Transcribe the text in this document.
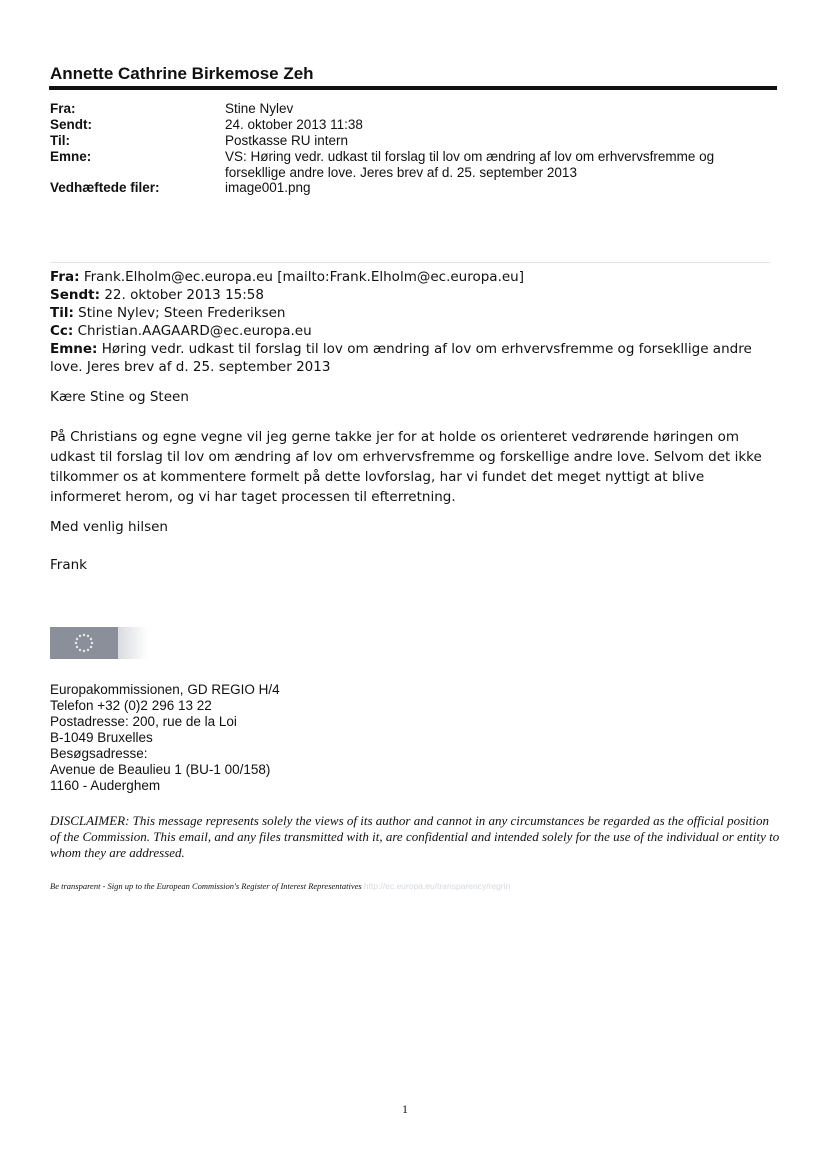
Annette Cathrine Birkemose Zeh
Fra:	Stine Nylev
Sendt:	24. oktober 2013 11:38
Til:	Postkasse RU intern
Emne:	VS: Høring vedr. udkast til forslag til lov om ændring af lov om erhvervsfremme og forsekllige andre love. Jeres brev af d. 25. september 2013
Vedhæftede filer:	image001.png
Fra: Frank.Elholm@ec.europa.eu [mailto:Frank.Elholm@ec.europa.eu]
Sendt: 22. oktober 2013 15:58
Til: Stine Nylev; Steen Frederiksen
Cc: Christian.AAGAARD@ec.europa.eu
Emne: Høring vedr. udkast til forslag til lov om ændring af lov om erhvervsfremme og forsekllige andre love. Jeres brev af d. 25. september 2013
Kære Stine og Steen
På Christians og egne vegne vil jeg gerne takke jer for at holde os orienteret vedrørende høringen om udkast til forslag til lov om ændring af lov om erhvervsfremme og forskellige andre love. Selvom det ikke tilkommer os at kommentere formelt på dette lovforslag, har vi fundet det meget nyttigt at blive informeret herom, og vi har taget processen til efterretning.
Med venlig hilsen
Frank
Europakommissionen, GD REGIO H/4
Telefon +32 (0)2 296 13 22
Postadresse: 200, rue de la Loi
B-1049 Bruxelles
Besøgsadresse:
Avenue de Beaulieu 1 (BU-1 00/158)
1160 - Auderghem
DISCLAIMER: This message represents solely the views of its author and cannot in any circumstances be regarded as the official position of the Commission. This email, and any files transmitted with it, are confidential and intended solely for the use of the individual or entity to whom they are addressed.
Be transparent - Sign up to the European Commission's Register of Interest Representatives http://ec.europa.eu/transparency/regrin
1
